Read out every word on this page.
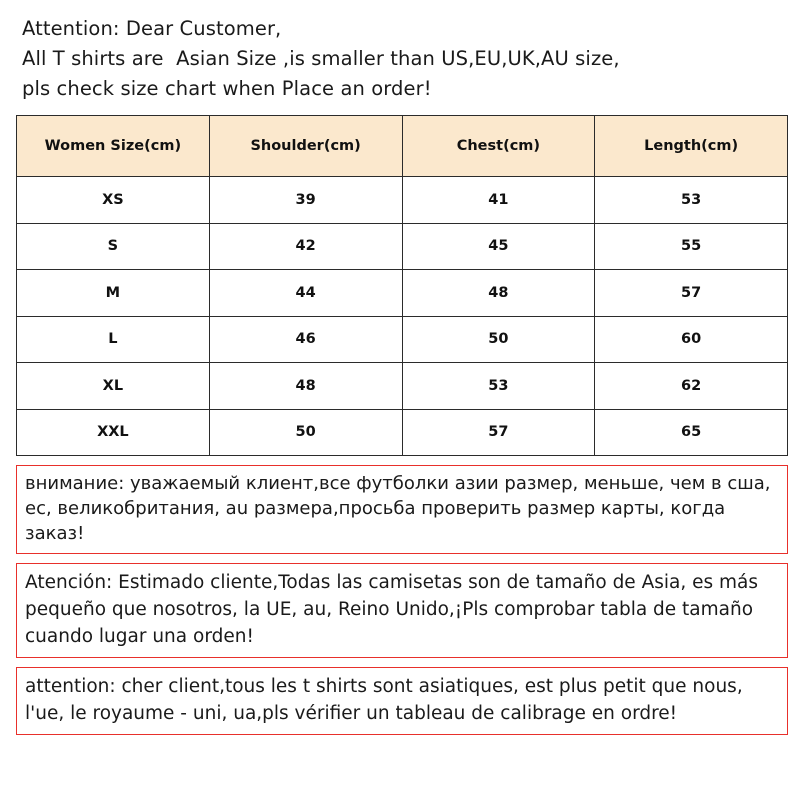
Attention: Dear Customer,
All T shirts are  Asian Size ,is smaller than US,EU,UK,AU size,
pls check size chart when Place an order!
Women Size(cm)	Shoulder(cm)	Chest(cm)	Length(cm)
XS	39	41	53
S	42	45	55
M	44	48	57
L	46	50	60
XL	48	53	62
XXL	50	57	65

внимание: уважаемый клиент,все футболки азии размер, меньше, чем в сша, ес, великобритания, au размера,просьба проверить размер карты, когда заказ!

Atención: Estimado cliente,Todas las camisetas son de tamaño de Asia, es más pequeño que nosotros, la UE, au, Reino Unido,¡Pls comprobar tabla de tamaño cuando lugar una orden!

attention: cher client,tous les t shirts sont asiatiques, est plus petit que nous, l'ue, le royaume - uni, ua,pls vérifier un tableau de calibrage en ordre!
